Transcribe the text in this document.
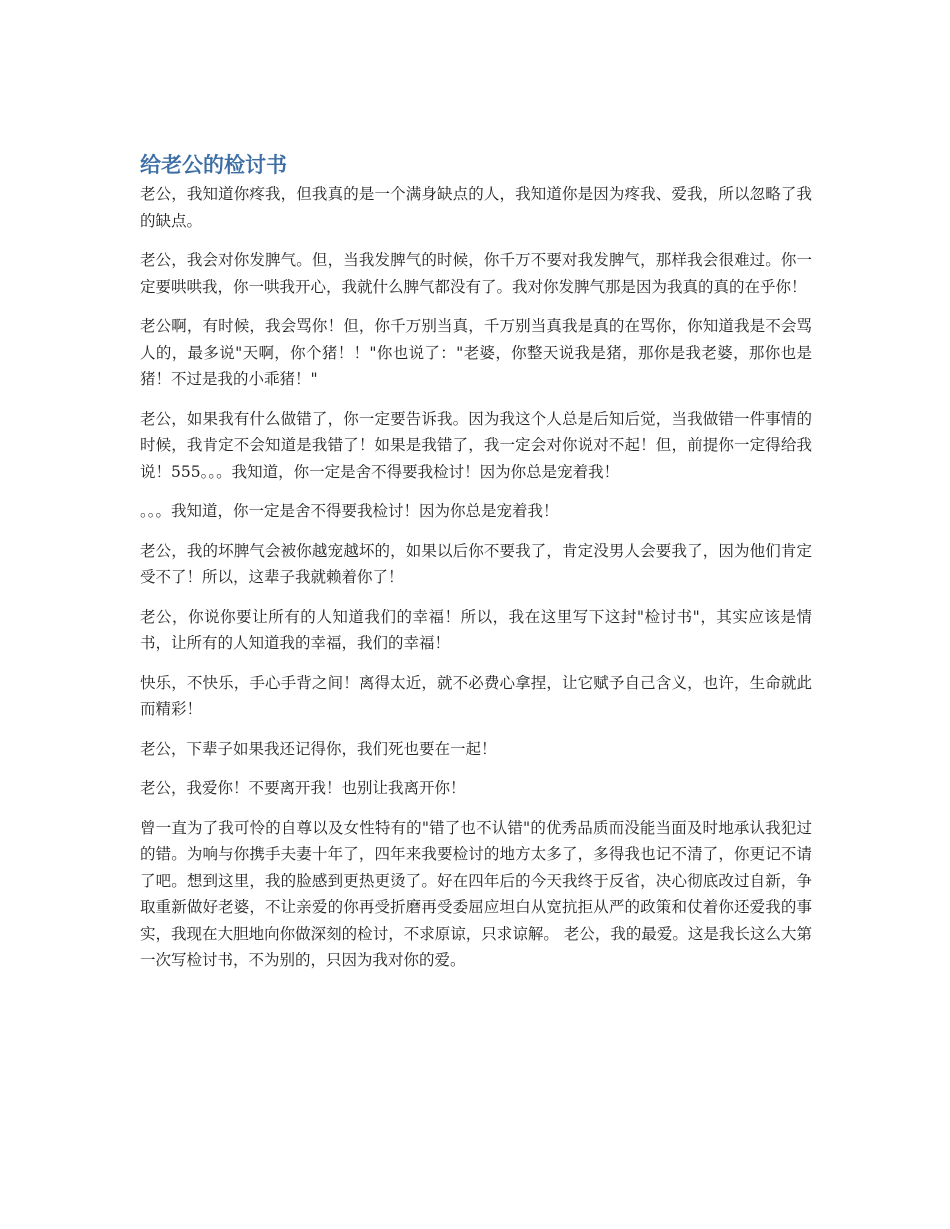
给老公的检讨书

老公，我知道你疼我，但我真的是一个满身缺点的人，我知道你是因为疼我、爱我，所以忽略了我的缺点。

老公，我会对你发脾气。但，当我发脾气的时候，你千万不要对我发脾气，那样我会很难过。你一定要哄哄我，你一哄我开心，我就什么脾气都没有了。我对你发脾气那是因为我真的真的在乎你！

老公啊，有时候，我会骂你！但，你千万别当真，千万别当真我是真的在骂你，你知道我是不会骂人的，最多说"天啊，你个猪！！"你也说了："老婆，你整天说我是猪，那你是我老婆，那你也是猪！不过是我的小乖猪！"

老公，如果我有什么做错了，你一定要告诉我。因为我这个人总是后知后觉，当我做错一件事情的时候，我肯定不会知道是我错了！如果是我错了，我一定会对你说对不起！但，前提你一定得给我说！555。。。我知道，你一定是舍不得要我检讨！因为你总是宠着我！

。。。我知道，你一定是舍不得要我检讨！因为你总是宠着我！

老公，我的坏脾气会被你越宠越坏的，如果以后你不要我了，肯定没男人会要我了，因为他们肯定受不了！所以，这辈子我就赖着你了！

老公，你说你要让所有的人知道我们的幸福！所以，我在这里写下这封"检讨书"，其实应该是情书，让所有的人知道我的幸福，我们的幸福！

快乐，不快乐，手心手背之间！离得太近，就不必费心拿捏，让它赋予自己含义，也许，生命就此而精彩！

老公，下辈子如果我还记得你，我们死也要在一起！

老公，我爱你！不要离开我！也别让我离开你！

曾一直为了我可怜的自尊以及女性特有的"错了也不认错"的优秀品质而没能当面及时地承认我犯过的错。为响与你携手夫妻十年了，四年来我要检讨的地方太多了，多得我也记不清了，你更记不请了吧。想到这里，我的脸感到更热更烫了。好在四年后的今天我终于反省，决心彻底改过自新，争取重新做好老婆，不让亲爱的你再受折磨再受委屈应坦白从宽抗拒从严的政策和仗着你还爱我的事实，我现在大胆地向你做深刻的检讨，不求原谅，只求谅解。 老公，我的最爱。这是我长这么大第一次写检讨书，不为别的，只因为我对你的爱。
